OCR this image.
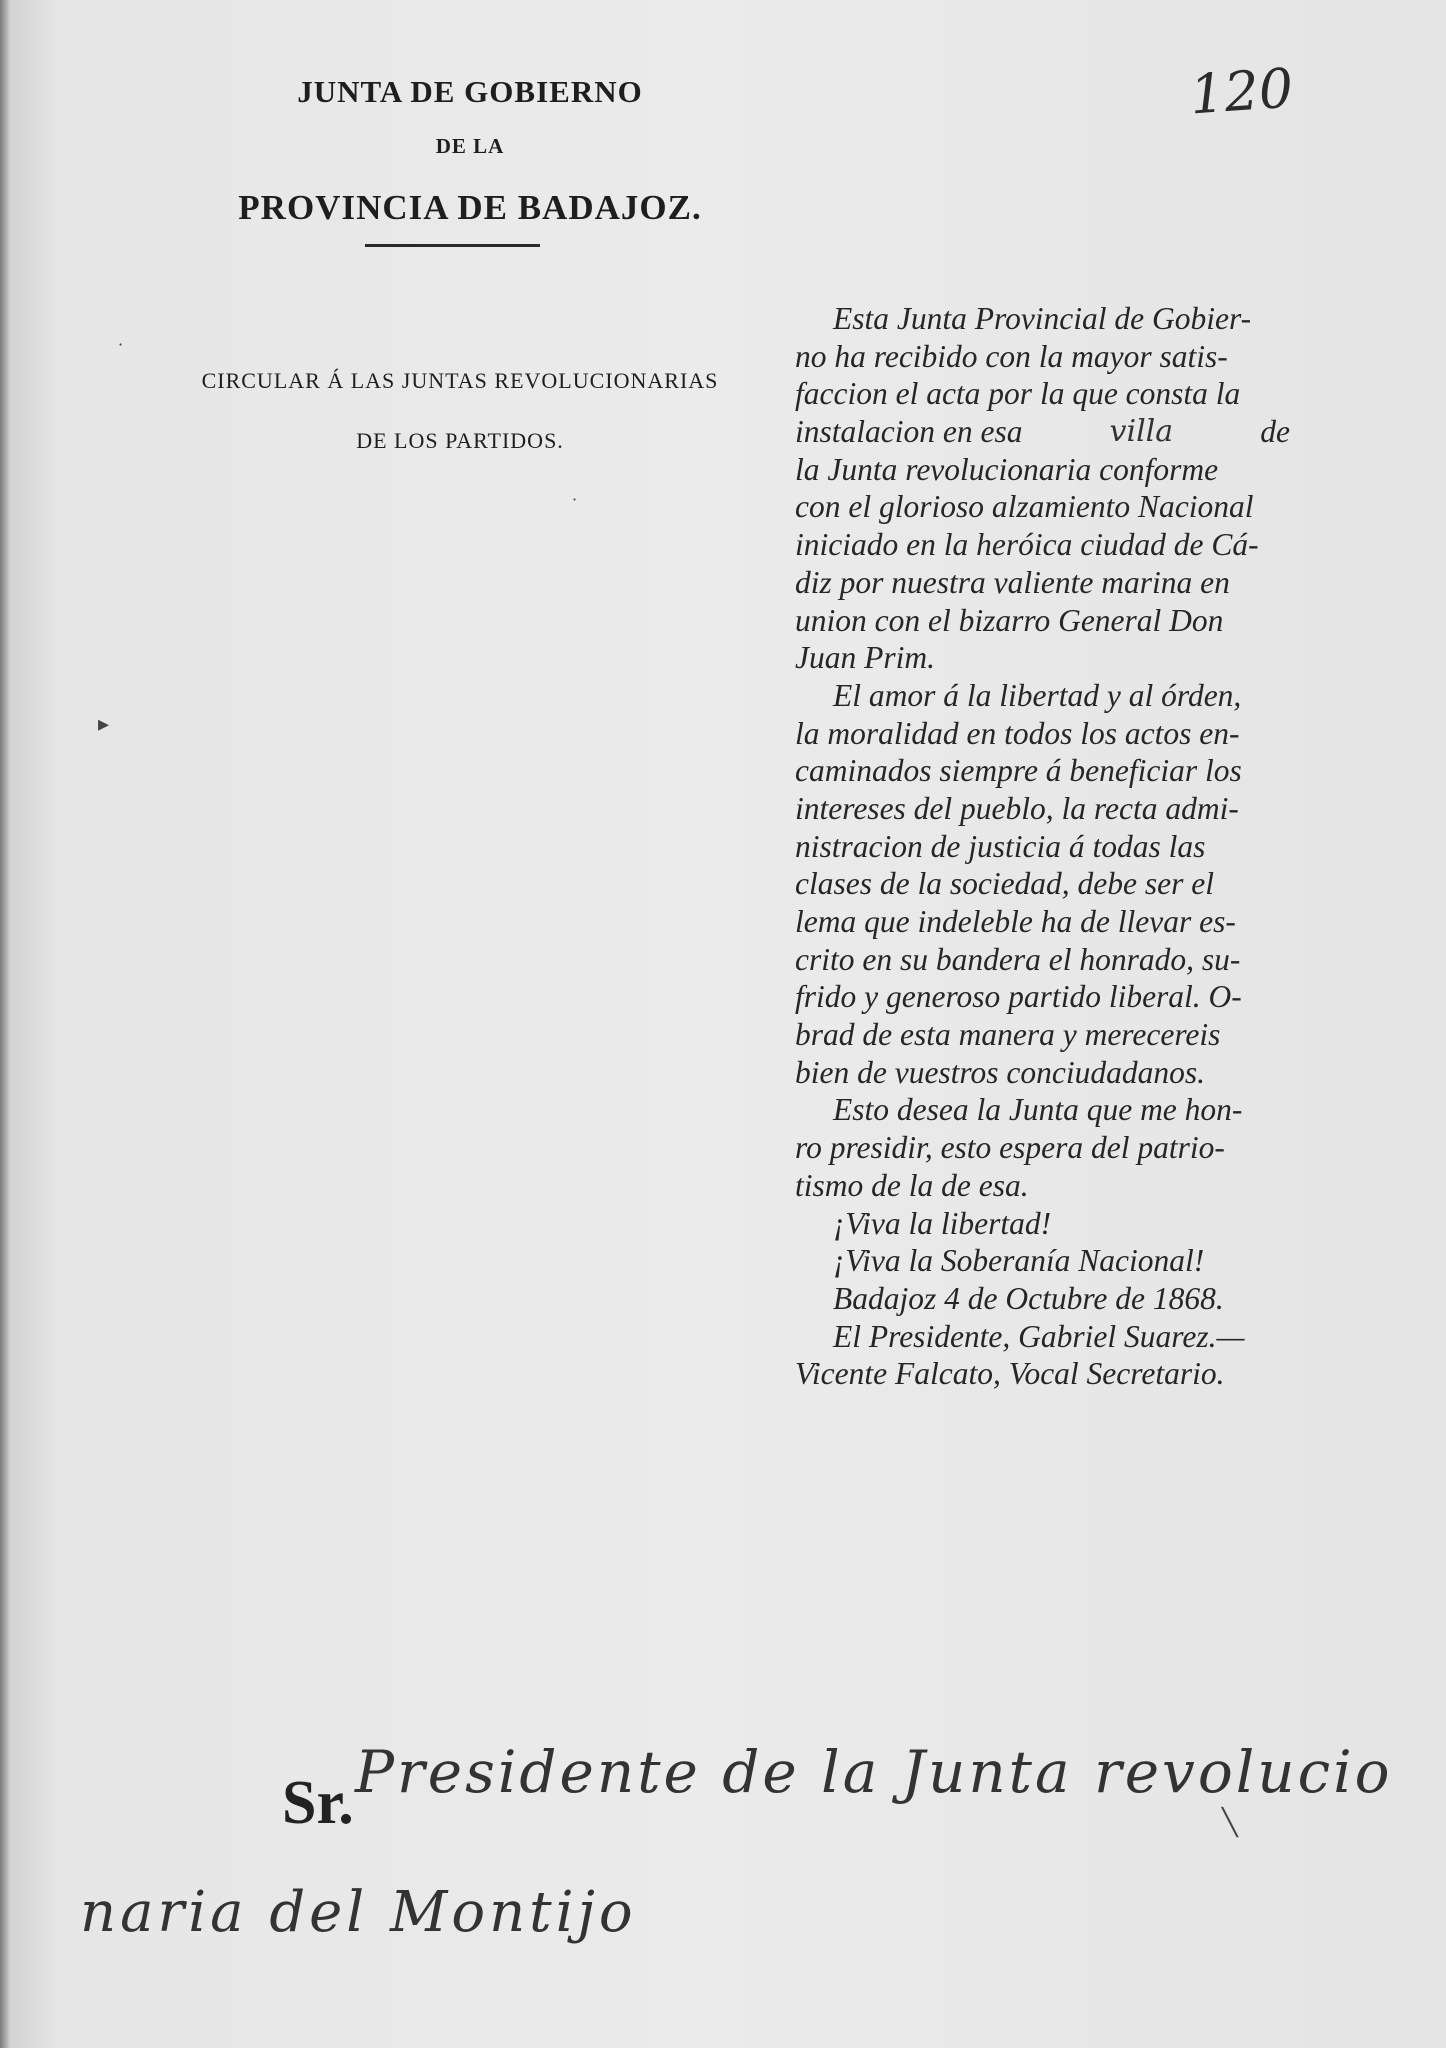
120
JUNTA DE GOBIERNO
DE LA
PROVINCIA DE BADAJOZ.
CIRCULAR Á LAS JUNTAS REVOLUCIONARIAS
DE LOS PARTIDOS.
Esta Junta Provincial de Gobier-
no ha recibido con la mayor satis-
faccion el acta por la que consta la
instalacion en esa	villa	de
la Junta revolucionaria conforme
con el glorioso alzamiento Nacional
iniciado en la heróica ciudad de Cá-
diz por nuestra valiente marina en
union con el bizarro General Don
Juan Prim.
El amor á la libertad y al órden,
la moralidad en todos los actos en-
caminados siempre á beneficiar los
intereses del pueblo, la recta admi-
nistracion de justicia á todas las
clases de la sociedad, debe ser el
lema que indeleble ha de llevar es-
crito en su bandera el honrado, su-
frido y generoso partido liberal. O-
brad de esta manera y merecereis
bien de vuestros conciudadanos.
Esto desea la Junta que me hon-
ro presidir, esto espera del patrio-
tismo de la de esa.
¡Viva la libertad!
¡Viva la Soberanía Nacional!
Badajoz 4 de Octubre de 1868.
El Presidente, Gabriel Suarez.—
Vicente Falcato, Vocal Secretario.
Sr. Presidente de la Junta revolucio
naria del Montijo
·
▸
·
╲
